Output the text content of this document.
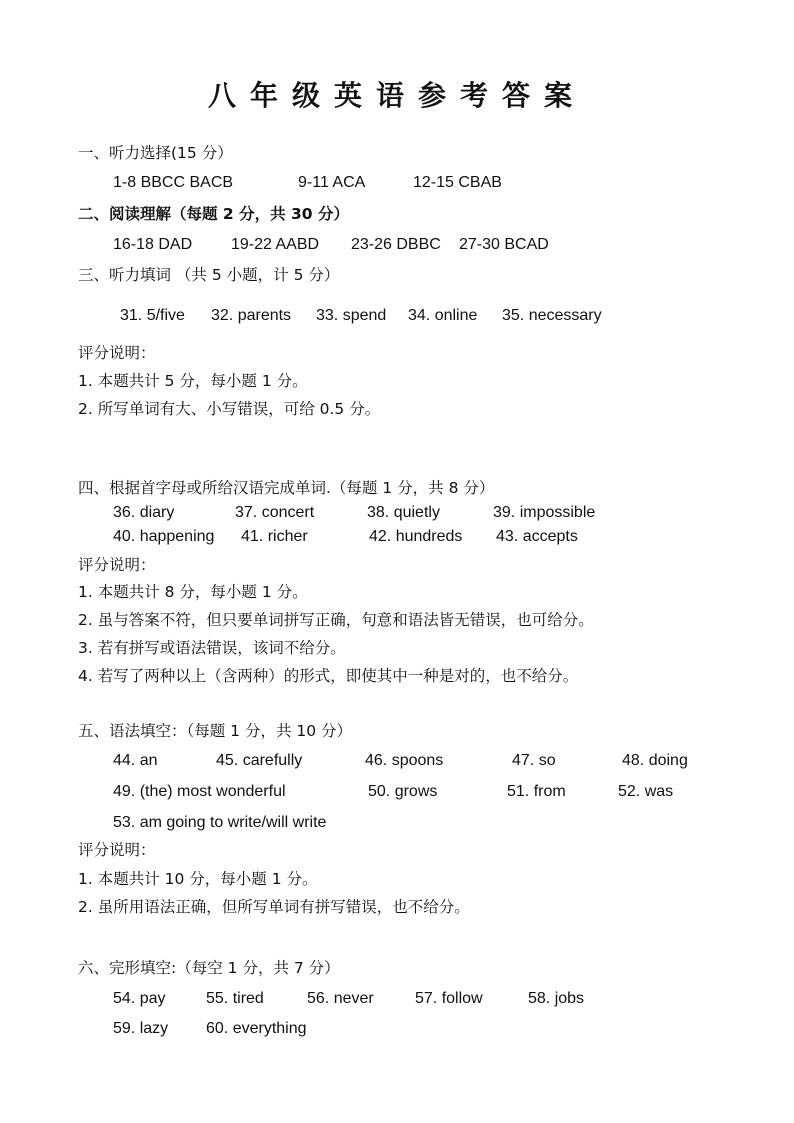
八年级英语参考答案
一、听力选择(15 分）
1-8 BBCC BACB	9-11 ACA	12-15 CBAB
二、阅读理解（每题 2 分，共 30 分）
16-18 DAD 19-22 AABD 23-26 DBBC 27-30 BCAD
三、听力填词 （共 5 小题，计 5 分）
31. 5/five 32. parents 33. spend 34. online 35. necessary
评分说明：
1. 本题共计 5 分，每小题 1 分。
2. 所写单词有大、小写错误，可给 0.5 分。
四、根据首字母或所给汉语完成单词.（每题 1 分，共 8 分）
36. diary	37. concert	38. quietly	39. impossible
40. happening 41. richer	42. hundreds 43. accepts
评分说明：
1. 本题共计 8 分，每小题 1 分。
2. 虽与答案不符，但只要单词拼写正确，句意和语法皆无错误，也可给分。
3. 若有拼写或语法错误，该词不给分。
4. 若写了两种以上（含两种）的形式，即使其中一种是对的，也不给分。
五、语法填空：（每题 1 分，共 10 分）
44. an	45. carefully	46. spoons	47. so	48. doing
49. (the) most wonderful	50. grows	51. from	52. was
53. am going to write/will write
评分说明：
1. 本题共计 10 分，每小题 1 分。
2. 虽所用语法正确，但所写单词有拼写错误，也不给分。
六、完形填空:（每空 1 分，共 7 分）
54. pay	55. tired	56. never	57. follow	58. jobs
59. lazy 60. everything
